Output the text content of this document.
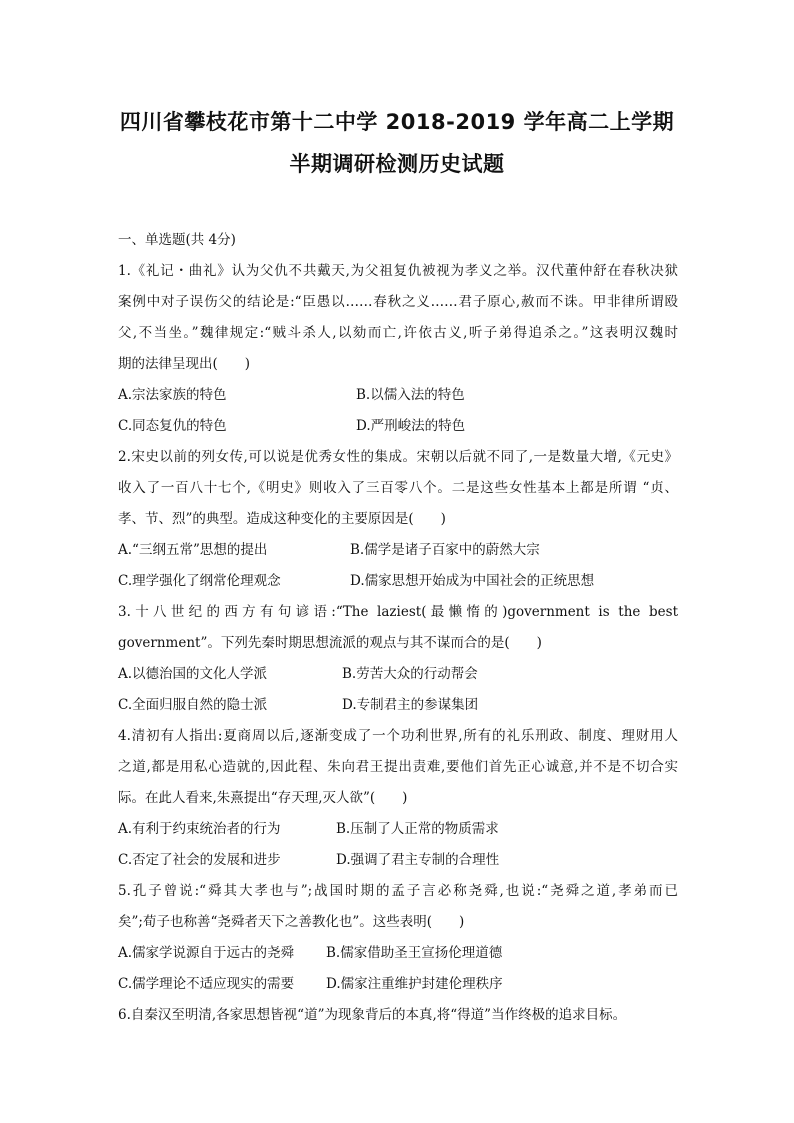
四川省攀枝花市第十二中学 2018-2019 学年高二上学期
半期调研检测历史试题
一、单选题(共 4分)
1.《礼记・曲礼》认为父仇不共戴天,为父祖复仇被视为孝义之举。汉代董仲舒在春秋决狱
案例中对子误伤父的结论是:“臣愚以……春秋之义……君子原心,赦而不诛。甲非律所谓殴
父,不当坐。”魏律规定:“贼斗杀人,以劾而亡,许依古义,听子弟得追杀之。”这表明汉魏时
期的法律呈现出(　　)
A.宗法家族的特色	B.以儒入法的特色
C.同态复仇的特色	D.严刑峻法的特色
2.宋史以前的列女传,可以说是优秀女性的集成。宋朝以后就不同了,一是数量大增,《元史》
收入了一百八十七个,《明史》则收入了三百零八个。二是这些女性基本上都是所谓 “贞、
孝、节、烈”的典型。造成这种变化的主要原因是(　　)
A.“三纲五常”思想的提出	B.儒学是诸子百家中的蔚然大宗
C.理学强化了纲常伦理观念	D.儒家思想开始成为中国社会的正统思想
3.十八世纪的西方有句谚语:“The laziest(最懒惰的)government is the best
government”。下列先秦时期思想流派的观点与其不谋而合的是(　　)
A.以德治国的文化人学派	B.劳苦大众的行动帮会
C.全面归服自然的隐士派	D.专制君主的参谋集团
4.清初有人指出:夏商周以后,逐渐变成了一个功利世界,所有的礼乐刑政、制度、理财用人
之道,都是用私心造就的,因此程、朱向君王提出责难,要他们首先正心诚意,并不是不切合实
际。在此人看来,朱熹提出“存天理,灭人欲”(　　)
A.有利于约束统治者的行为	B.压制了人正常的物质需求
C.否定了社会的发展和进步	D.强调了君主专制的合理性
5.孔子曾说:“舜其大孝也与”;战国时期的孟子言必称尧舜,也说:“尧舜之道,孝弟而已
矣”;荀子也称善“尧舜者天下之善教化也”。这些表明(　　)
A.儒家学说源自于远古的尧舜	B.儒家借助圣王宣扬伦理道德
C.儒学理论不适应现实的需要	D.儒家注重维护封建伦理秩序
6.自秦汉至明清,各家思想皆视“道”为现象背后的本真,将“得道”当作终极的追求目标。
